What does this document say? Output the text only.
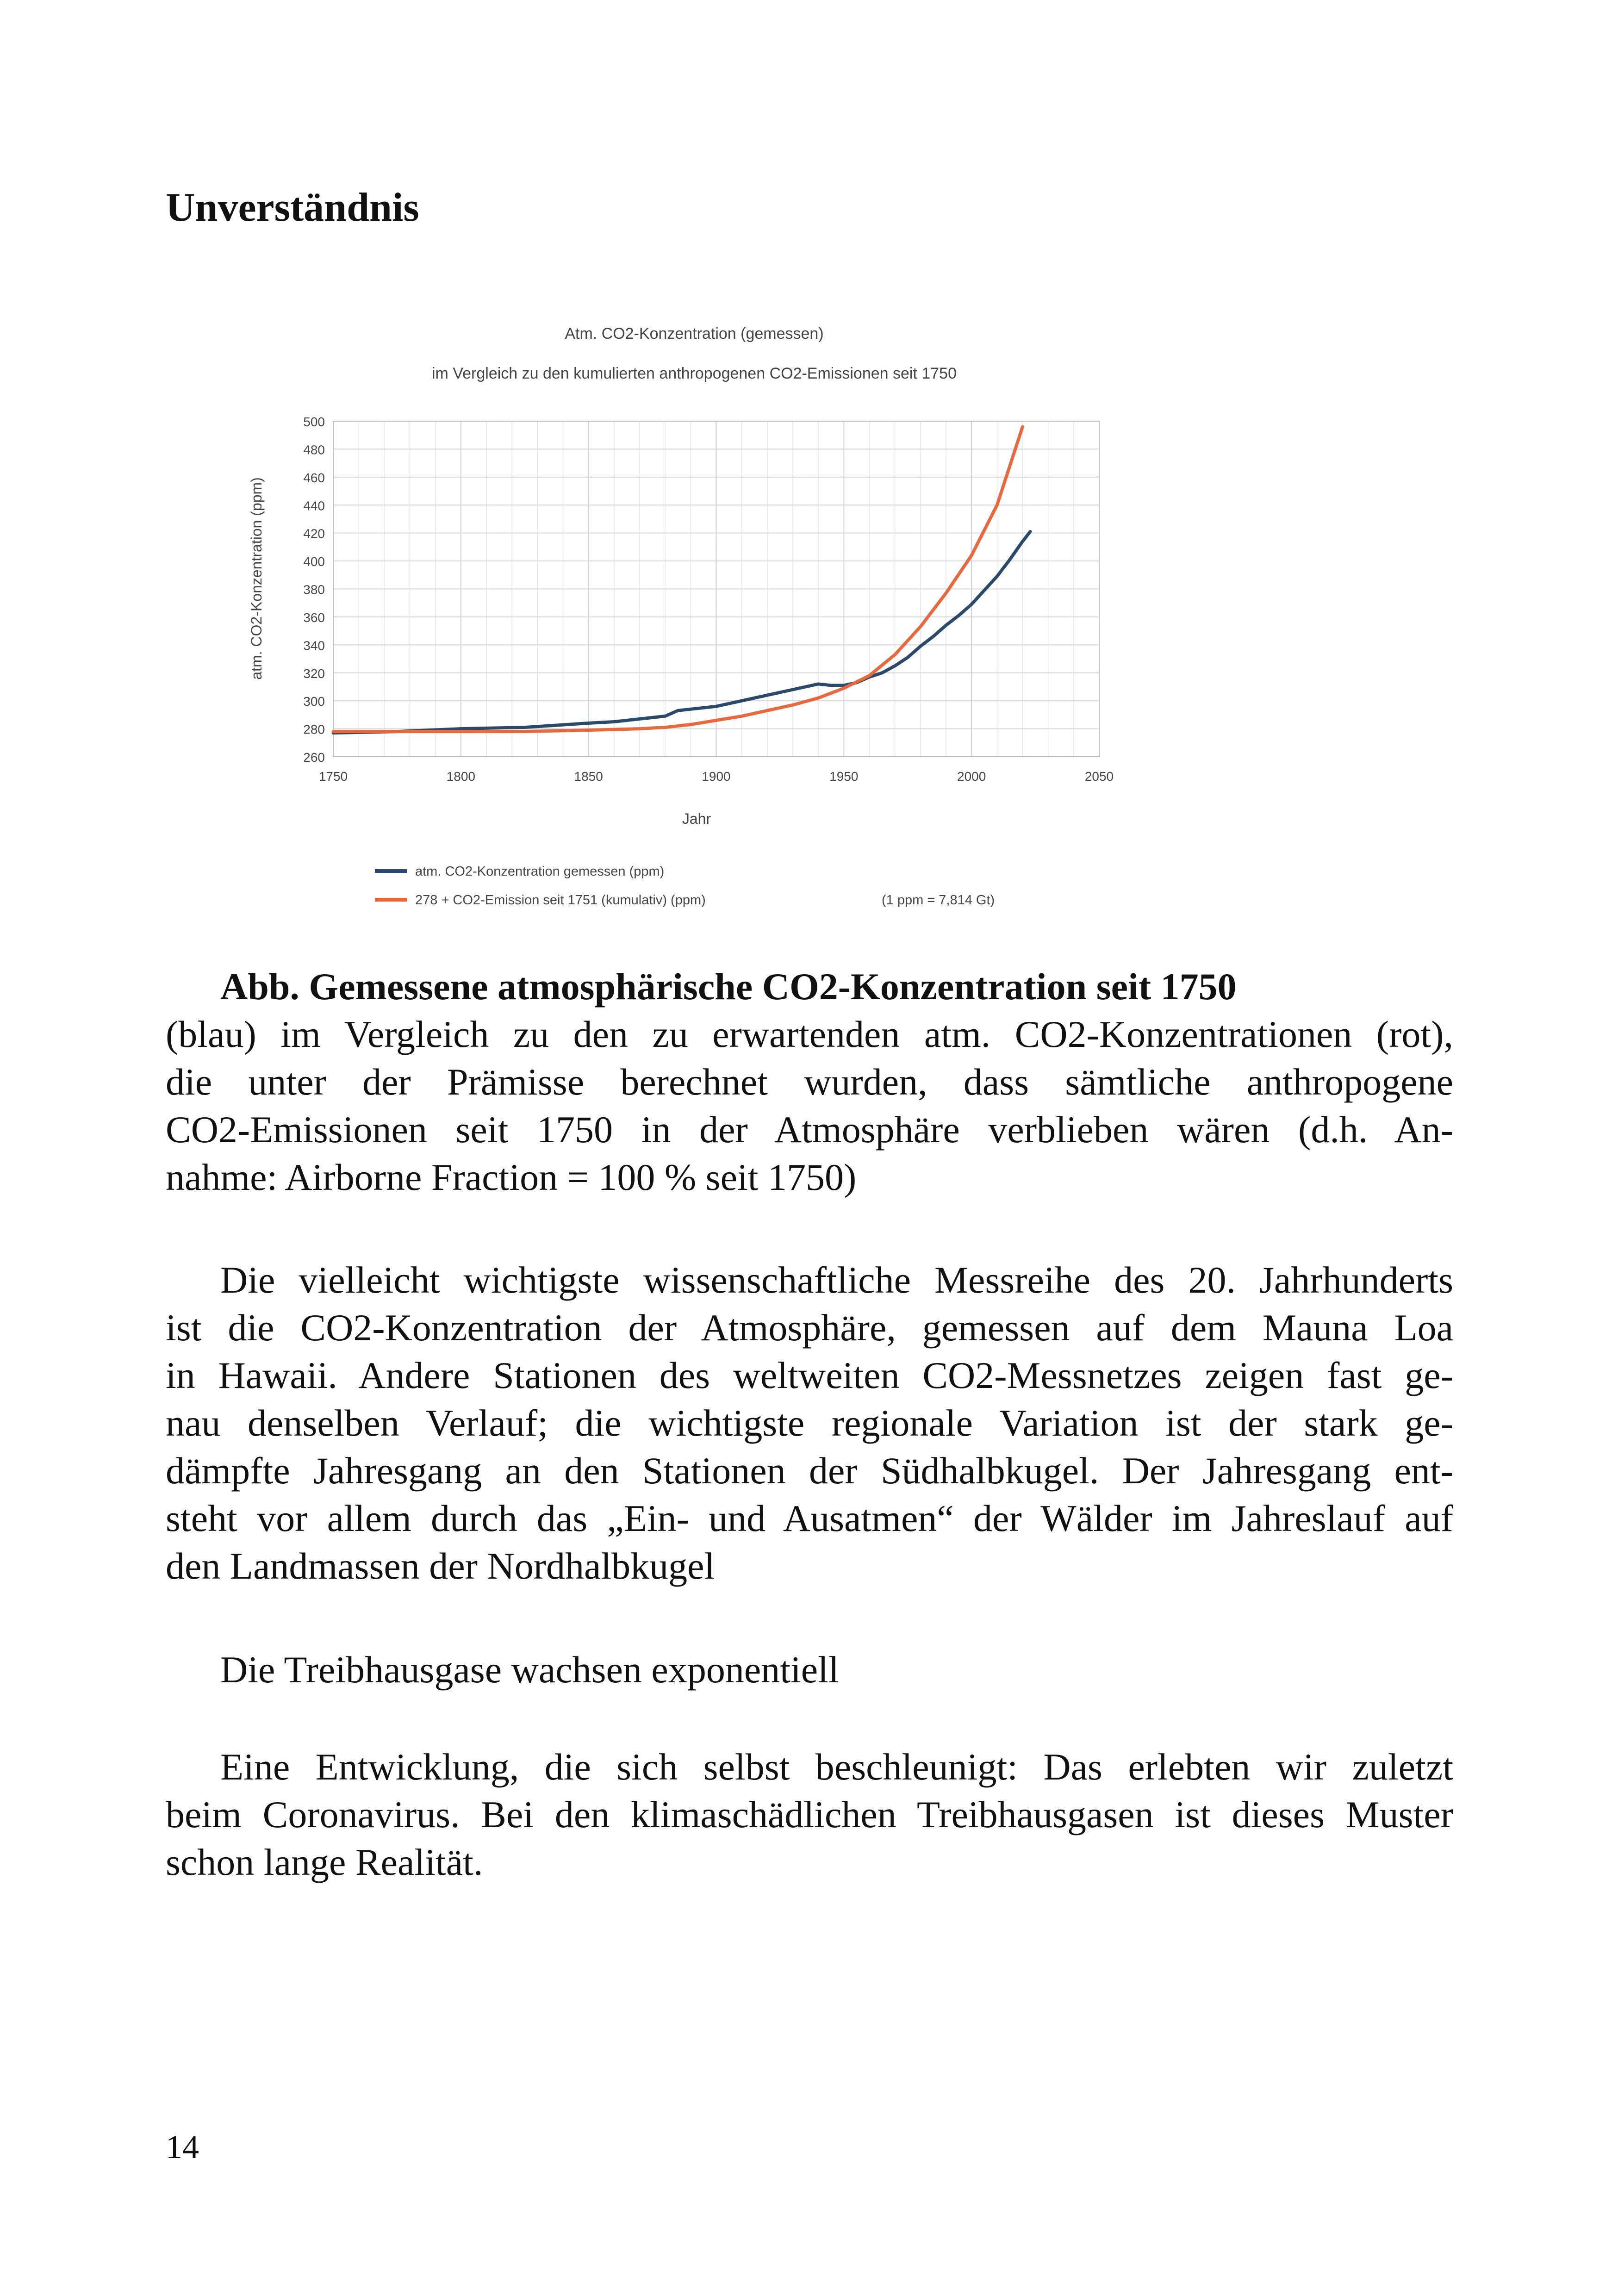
Unverständnis
Atm. CO2-Konzentration (gemessen)
im Vergleich zu den kumulierten anthropogenen CO2-Emissionen seit 1750
260
280
300
320
340
360
380
400
420
440
460
480
500
1750	1800	1850	1900	1950	2000	2050
Jahr
atm. CO2-Konzentration (ppm)
atm. CO2-Konzentration gemessen (ppm)
278 + CO2-Emission seit 1751 (kumulativ) (ppm)	(1 ppm = 7,814 Gt)

Abb. Gemessene atmosphärische CO2-Konzentration seit 1750
(blau) im Vergleich zu den zu erwartenden atm. CO2-Konzentrationen (rot),
die unter der Prämisse berechnet wurden, dass sämtliche anthropogene
CO2-Emissionen seit 1750 in der Atmosphäre verblieben wären (d.h. An-
nahme: Airborne Fraction = 100 % seit 1750)

Die vielleicht wichtigste wissenschaftliche Messreihe des 20. Jahrhunderts
ist die CO2-Konzentration der Atmosphäre, gemessen auf dem Mauna Loa
in Hawaii. Andere Stationen des weltweiten CO2-Messnetzes zeigen fast ge-
nau denselben Verlauf; die wichtigste regionale Variation ist der stark ge-
dämpfte Jahresgang an den Stationen der Südhalbkugel. Der Jahresgang ent-
steht vor allem durch das „Ein- und Ausatmen“ der Wälder im Jahreslauf auf
den Landmassen der Nordhalbkugel

Die Treibhausgase wachsen exponentiell

Eine Entwicklung, die sich selbst beschleunigt: Das erlebten wir zuletzt
beim Coronavirus. Bei den klimaschädlichen Treibhausgasen ist dieses Muster
schon lange Realität.

14
